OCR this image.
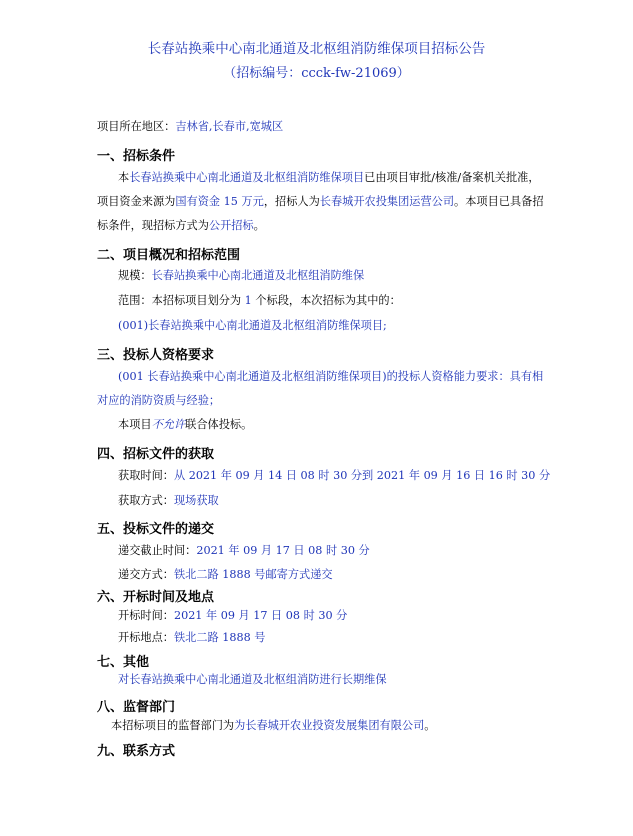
长春站换乘中心南北通道及北枢组消防维保项目招标公告
（招标编号：ccck-fw-21069）
项目所在地区：吉林省,长春市,宽城区
一、招标条件
本长春站换乘中心南北通道及北枢组消防维保项目已由项目审批/核准/备案机关批准，
项目资金来源为国有资金 15 万元，招标人为长春城开农投集团运营公司。本项目已具备招
标条件，现招标方式为公开招标。
二、项目概况和招标范围
规模：长春站换乘中心南北通道及北枢组消防维保
范围：本招标项目划分为 1 个标段，本次招标为其中的：
(001)长春站换乘中心南北通道及北枢组消防维保项目;
三、投标人资格要求
(001 长春站换乘中心南北通道及北枢组消防维保项目)的投标人资格能力要求：具有相
对应的消防资质与经验；
本项目不允许联合体投标。
四、招标文件的获取
获取时间：从 2021 年 09 月 14 日 08 时 30 分到 2021 年 09 月 16 日 16 时 30 分
获取方式：现场获取
五、投标文件的递交
递交截止时间：2021 年 09 月 17 日 08 时 30 分
递交方式：铁北二路 1888 号邮寄方式递交
六、开标时间及地点
开标时间：2021 年 09 月 17 日 08 时 30 分
开标地点：铁北二路 1888 号
七、其他
对长春站换乘中心南北通道及北枢组消防进行长期维保
八、监督部门
本招标项目的监督部门为为长春城开农业投资发展集团有限公司。
九、联系方式
